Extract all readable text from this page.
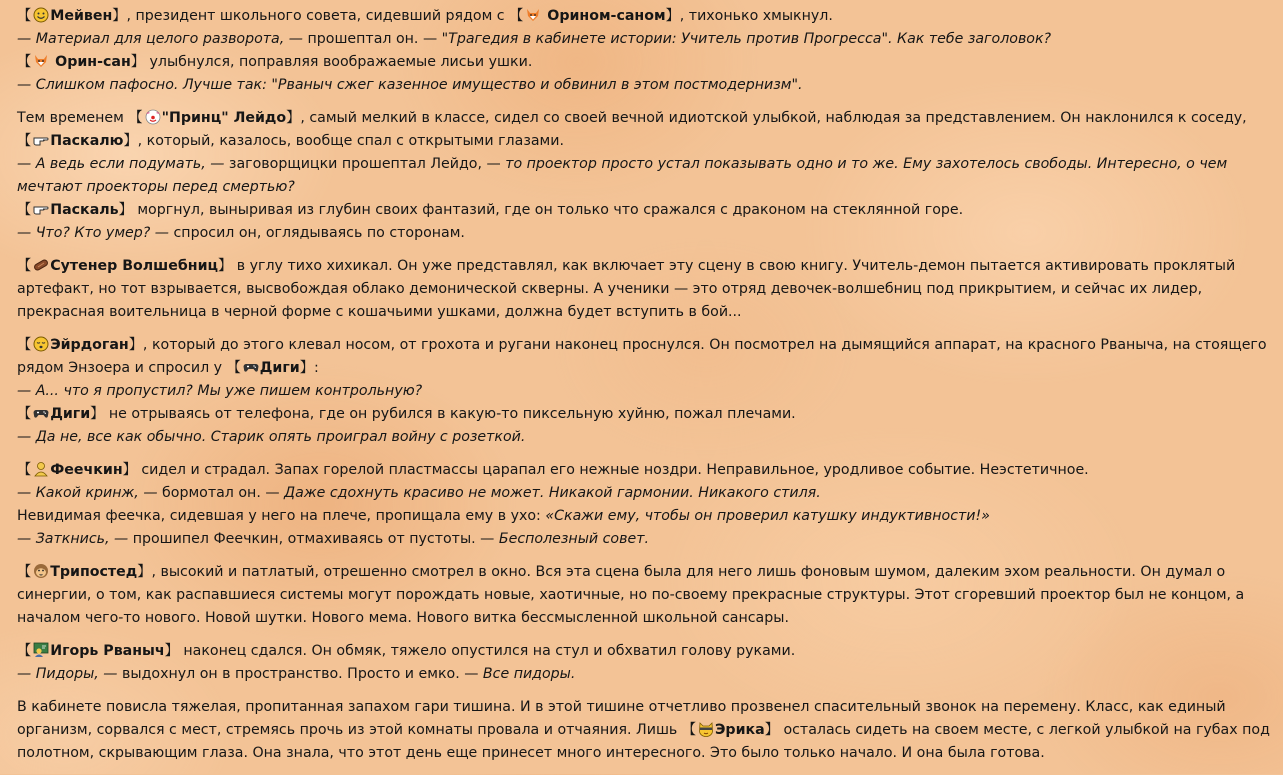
【 Мейвен】, президент школьного совета, сидевший рядом с 【
Орином-саном】, тихонько хмыкнул.
— Материал для целого разворота, — прошептал он. — "Трагедия в кабинете истории: Учитель против Прогресса". Как тебе заголовок?
【
Орин-сан】 улыбнулся, поправляя воображаемые лисьи ушки.
— Слишком пафосно. Лучше так: "Рваныч сжег казенное имущество и обвинил в этом постмодернизм".
Тем временем 【 "Принц" Лейдо】, самый мелкий в классе, сидел со своей вечной идиотской улыбкой, наблюдая за представлением. Он наклонился к соседу,
【 Паскалю】, который, казалось, вообще спал с открытыми глазами.
— А ведь если подумать, — заговорщицки прошептал Лейдо, — то проектор просто устал показывать одно и то же. Ему захотелось свободы. Интересно, о чем
мечтают проекторы перед смертью?
【 Паскаль】 моргнул, выныривая из глубин своих фантазий, где он только что сражался с драконом на стеклянной горе.
— Что? Кто умер? — спросил он, оглядываясь по сторонам.
【 Сутенер Волшебниц】 в углу тихо хихикал. Он уже представлял, как включает эту сцену в свою книгу. Учитель-демон пытается активировать проклятый
артефакт, но тот взрывается, высвобождая облако демонической скверны. А ученики — это отряд девочек-волшебниц под прикрытием, и сейчас их лидер,
прекрасная воительница в черной форме с кошачьими ушками, должна будет вступить в бой...
【 Эйрдоган】, который до этого клевал носом, от грохота и ругани наконец проснулся. Он посмотрел на дымящийся аппарат, на красного Рваныча, на стоящего
рядом Энзоера и спросил у 【 Диги】:
— А... что я пропустил? Мы уже пишем контрольную?
【 Диги】 не отрываясь от телефона, где он рубился в какую-то пиксельную хуйню, пожал плечами.
— Да не, все как обычно. Старик опять проиграл войну с розеткой.
【 Феечкин】 сидел и страдал. Запах горелой пластмассы царапал его нежные ноздри. Неправильное, уродливое событие. Неэстетичное.
— Какой кринж, — бормотал он. — Даже сдохнуть красиво не может. Никакой гармонии. Никакого стиля.
Невидимая феечка, сидевшая у него на плече, пропищала ему в ухо: «Скажи ему, чтобы он проверил катушку индуктивности!»
— Заткнись, — прошипел Феечкин, отмахиваясь от пустоты. — Бесполезный совет.
【 Трипостед】, высокий и патлатый, отрешенно смотрел в окно. Вся эта сцена была для него лишь фоновым шумом, далеким эхом реальности. Он думал о
синергии, о том, как распавшиеся системы могут порождать новые, хаотичные, но по-своему прекрасные структуры. Этот сгоревший проектор был не концом, а
началом чего-то нового. Новой шутки. Нового мема. Нового витка бессмысленной школьной сансары.
【 Игорь Рваныч】 наконец сдался. Он обмяк, тяжело опустился на стул и обхватил голову руками.
— Пидоры, — выдохнул он в пространство. Просто и емко. — Все пидоры.
В кабинете повисла тяжелая, пропитанная запахом гари тишина. И в этой тишине отчетливо прозвенел спасительный звонок на перемену. Класс, как единый
организм, сорвался с мест, стремясь прочь из этой комнаты провала и отчаяния. Лишь 【 Эрика】 осталась сидеть на своем месте, с легкой улыбкой на губах под
полотном, скрывающим глаза. Она знала, что этот день еще принесет много интересного. Это было только начало. И она была готова.
